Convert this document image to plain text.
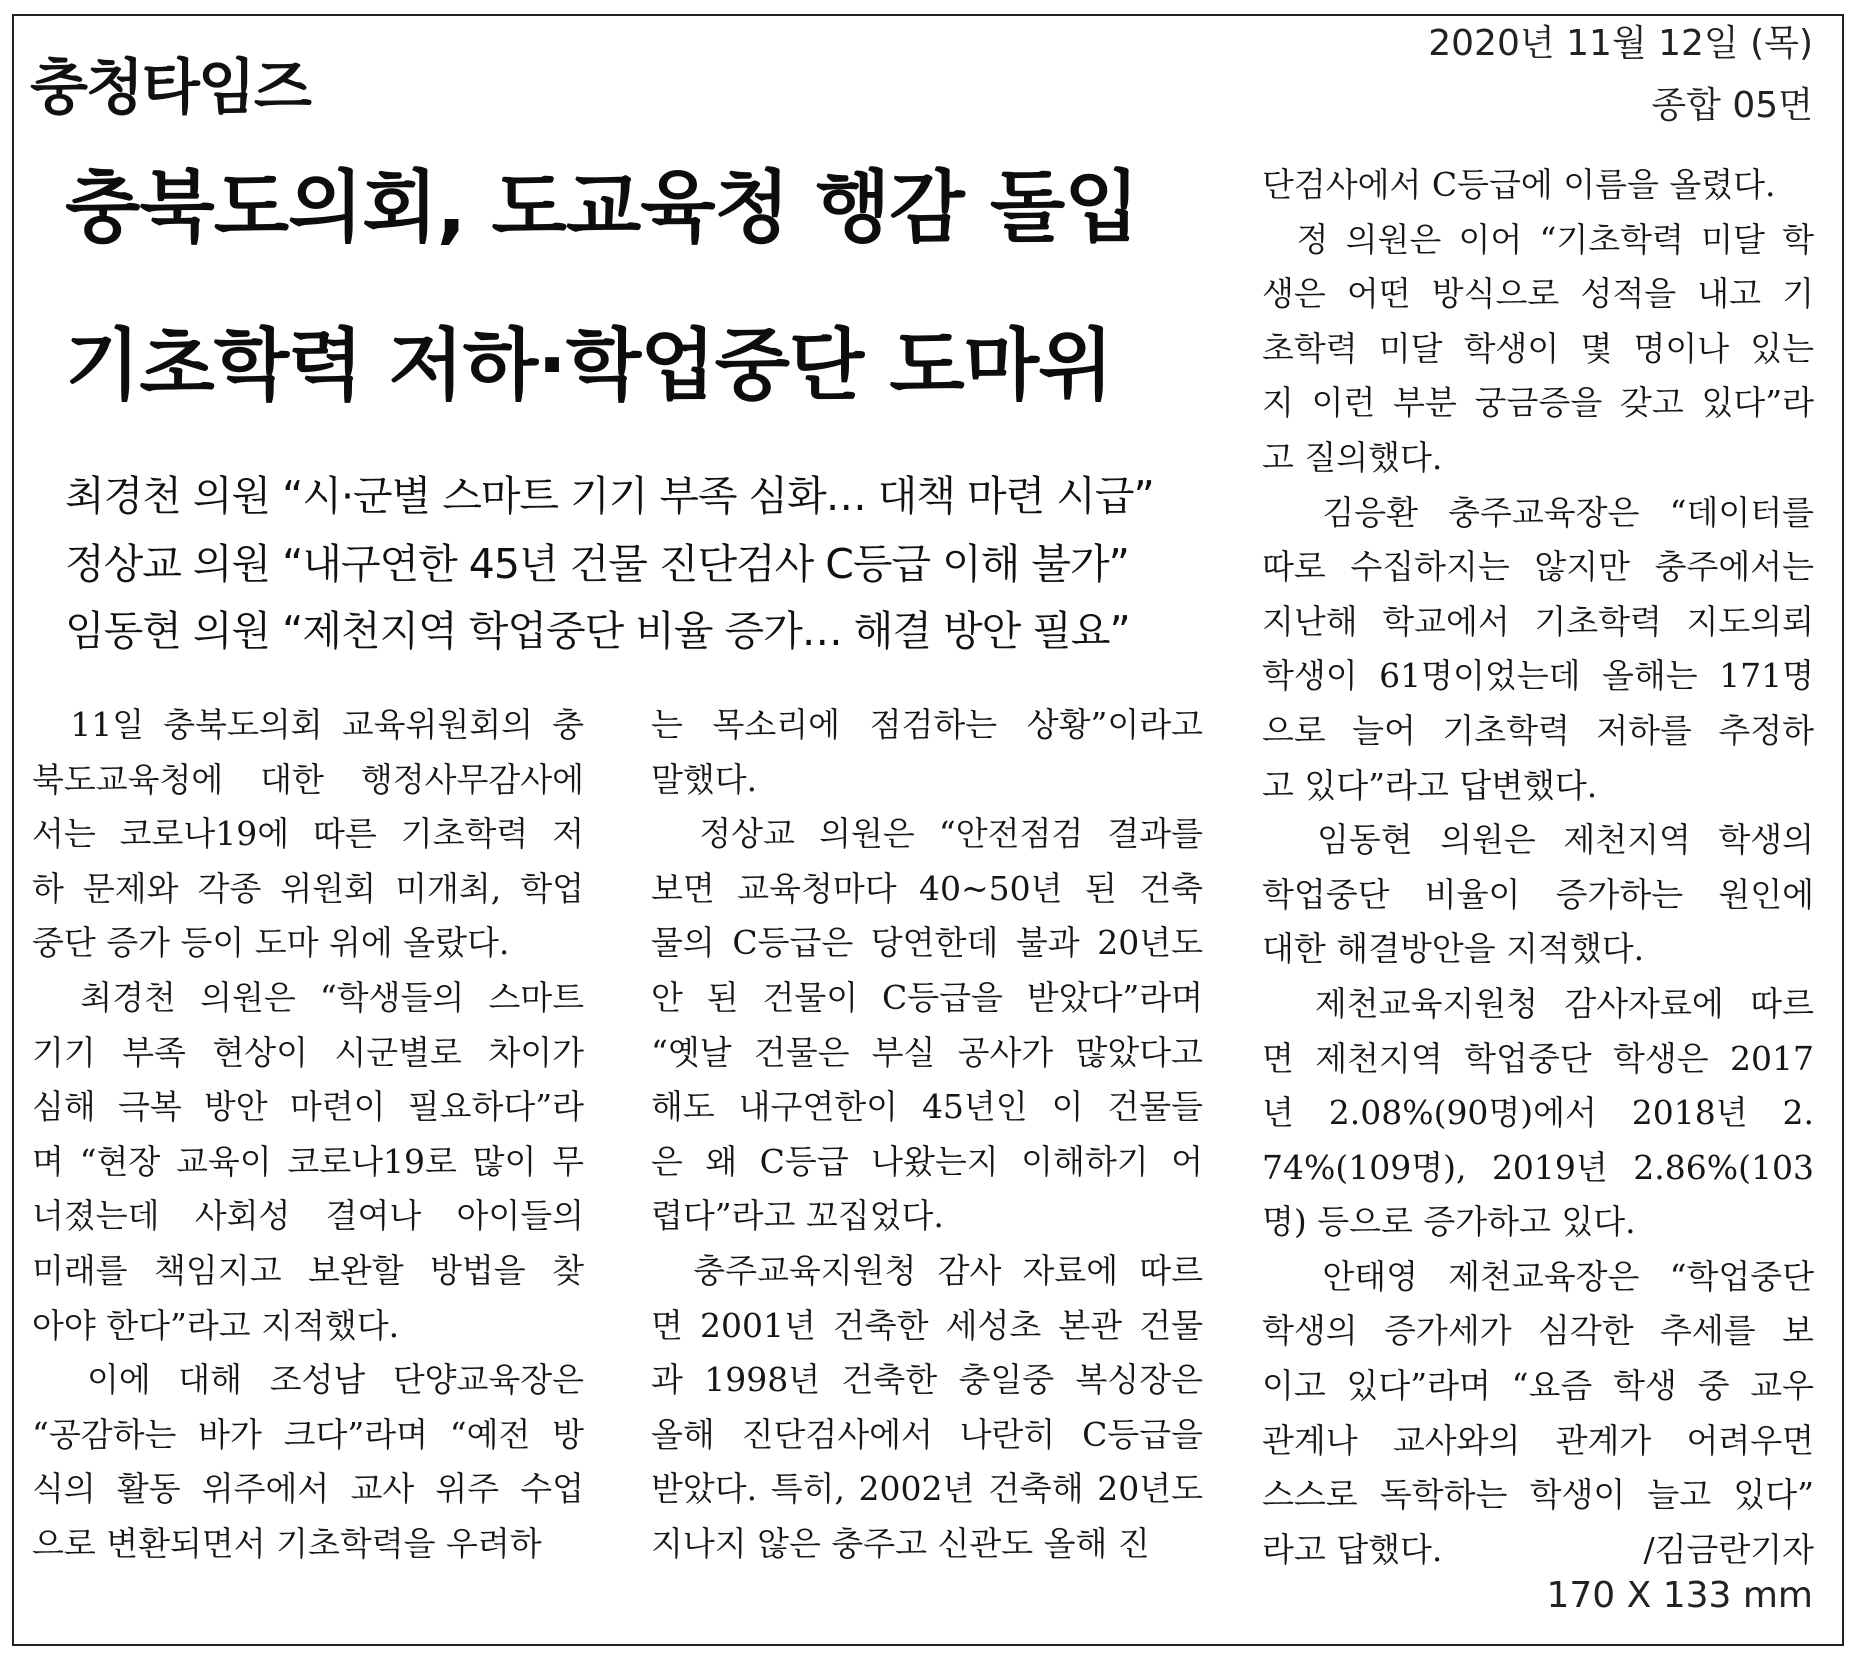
충청타임즈
2020년 11월 12일 (목)
종합 05면
충북도의회, 도교육청 행감 돌입
기초학력 저하·학업중단 도마위
최경천 의원 “시·군별 스마트 기기 부족 심화… 대책 마련 시급”
정상교 의원 “내구연한 45년 건물 진단검사 C등급 이해 불가”
임동현 의원 “제천지역 학업중단 비율 증가… 해결 방안 필요”
11일 충북도의회 교육위원회의 충
북도교육청에 대한 행정사무감사에
서는 코로나19에 따른 기초학력 저
하 문제와 각종 위원회 미개최, 학업
중단 증가 등이 도마 위에 올랐다.
최경천 의원은 “학생들의 스마트
기기 부족 현상이 시군별로 차이가
심해 극복 방안 마련이 필요하다”라
며 “현장 교육이 코로나19로 많이 무
너졌는데 사회성 결여나 아이들의
미래를 책임지고 보완할 방법을 찾
아야 한다”라고 지적했다.
이에 대해 조성남 단양교육장은
“공감하는 바가 크다”라며 “예전 방
식의 활동 위주에서 교사 위주 수업
으로 변환되면서 기초학력을 우려하
는 목소리에 점검하는 상황”이라고
말했다.
정상교 의원은 “안전점검 결과를
보면 교육청마다 40~50년 된 건축
물의 C등급은 당연한데 불과 20년도
안 된 건물이 C등급을 받았다”라며
“옛날 건물은 부실 공사가 많았다고
해도 내구연한이 45년인 이 건물들
은 왜 C등급 나왔는지 이해하기 어
렵다”라고 꼬집었다.
충주교육지원청 감사 자료에 따르
면 2001년 건축한 세성초 본관 건물
과 1998년 건축한 충일중 복싱장은
올해 진단검사에서 나란히 C등급을
받았다. 특히, 2002년 건축해 20년도
지나지 않은 충주고 신관도 올해 진
단검사에서 C등급에 이름을 올렸다.
정 의원은 이어 “기초학력 미달 학
생은 어떤 방식으로 성적을 내고 기
초학력 미달 학생이 몇 명이나 있는
지 이런 부분 궁금증을 갖고 있다”라
고 질의했다.
김응환 충주교육장은 “데이터를
따로 수집하지는 않지만 충주에서는
지난해 학교에서 기초학력 지도의뢰
학생이 61명이었는데 올해는 171명
으로 늘어 기초학력 저하를 추정하
고 있다”라고 답변했다.
임동현 의원은 제천지역 학생의
학업중단 비율이 증가하는 원인에
대한 해결방안을 지적했다.
제천교육지원청 감사자료에 따르
면 제천지역 학업중단 학생은 2017
년 2.08%(90명)에서 2018년 2.
74%(109명), 2019년 2.86%(103
명) 등으로 증가하고 있다.
안태영 제천교육장은 “학업중단
학생의 증가세가 심각한 추세를 보
이고 있다”라며 “요즘 학생 중 교우
관계나 교사와의 관계가 어려우면
스스로 독학하는 학생이 늘고 있다”
라고 답했다.	/김금란기자
170 X 133 mm
